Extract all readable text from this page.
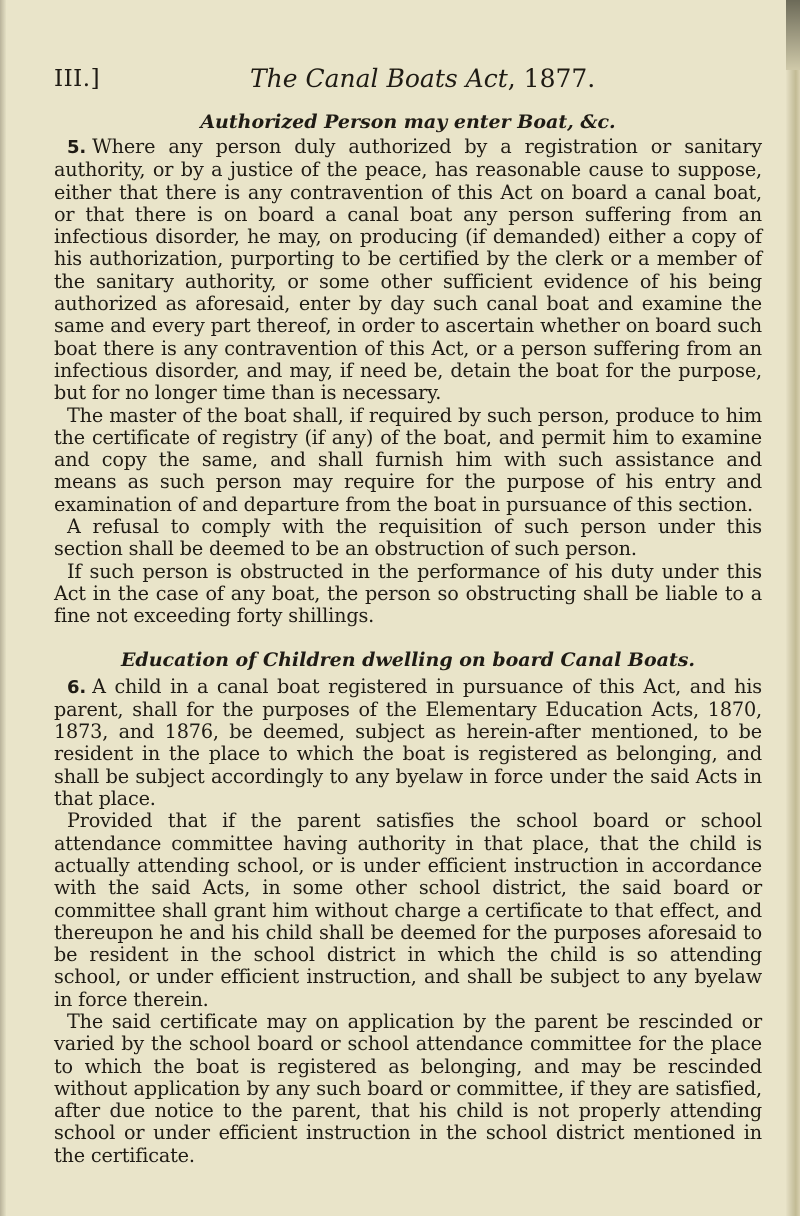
III.]	The Canal Boats Act, 1877.
Authorized Person may enter Boat, &c.

5. Where any person duly authorized by a registration or sanitary authority, or by a justice of the peace, has reasonable cause to suppose, either that there is any contravention of this Act on board a canal boat, or that there is on board a canal boat any person suffering from an infectious disorder, he may, on producing (if demanded) either a copy of his authorization, purporting to be certified by the clerk or a member of the sanitary authority, or some other sufficient evidence of his being authorized as aforesaid, enter by day such canal boat and examine the same and every part thereof, in order to ascertain whether on board such boat there is any contravention of this Act, or a person suffering from an infectious disorder, and may, if need be, detain the boat for the purpose, but for no longer time than is necessary.

The master of the boat shall, if required by such person, produce to him the certificate of registry (if any) of the boat, and permit him to examine and copy the same, and shall furnish him with such assistance and means as such person may require for the purpose of his entry and examination of and departure from the boat in pursuance of this section.

A refusal to comply with the requisition of such person under this section shall be deemed to be an obstruction of such person.

If such person is obstructed in the performance of his duty under this Act in the case of any boat, the person so obstructing shall be liable to a fine not exceeding forty shillings.

Education of Children dwelling on board Canal Boats.

6. A child in a canal boat registered in pursuance of this Act, and his parent, shall for the purposes of the Elementary Education Acts, 1870, 1873, and 1876, be deemed, subject as herein-after mentioned, to be resident in the place to which the boat is registered as belonging, and shall be subject accordingly to any byelaw in force under the said Acts in that place.

Provided that if the parent satisfies the school board or school attendance committee having authority in that place, that the child is actually attending school, or is under efficient instruction in accordance with the said Acts, in some other school district, the said board or committee shall grant him without charge a certificate to that effect, and thereupon he and his child shall be deemed for the purposes aforesaid to be resident in the school district in which the child is so attending school, or under efficient instruction, and shall be subject to any byelaw in force therein.

The said certificate may on application by the parent be rescinded or varied by the school board or school attendance committee for the place to which the boat is registered as belonging, and may be rescinded without application by any such board or committee, if they are satisfied, after due notice to the parent, that his child is not properly attending school or under efficient instruction in the school district mentioned in the certificate.
